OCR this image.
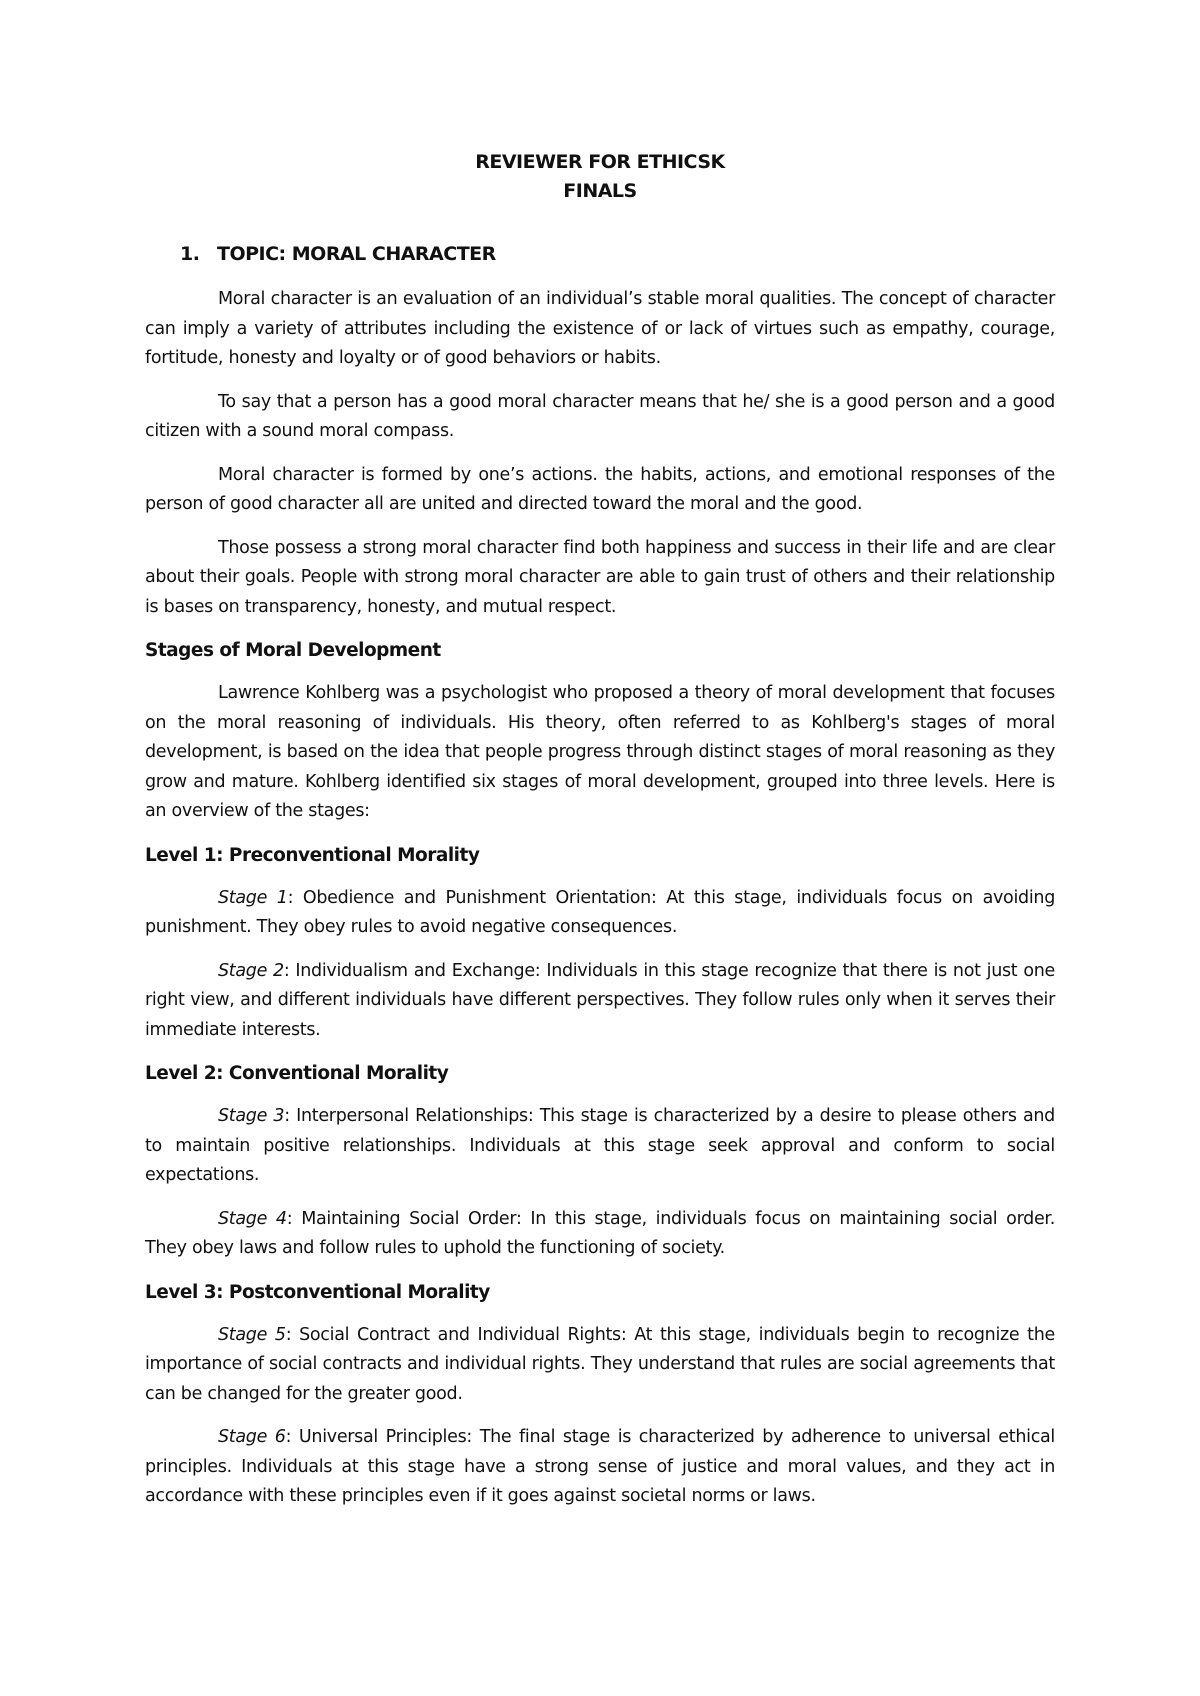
REVIEWER FOR ETHICSK
FINALS
1. TOPIC: MORAL CHARACTER

Moral character is an evaluation of an individual’s stable moral qualities. The concept of character can imply a variety of attributes including the existence of or lack of virtues such as empathy, courage, fortitude, honesty and loyalty or of good behaviors or habits.

To say that a person has a good moral character means that he/ she is a good person and a good citizen with a sound moral compass.

Moral character is formed by one’s actions. the habits, actions, and emotional responses of the person of good character all are united and directed toward the moral and the good.

Those possess a strong moral character find both happiness and success in their life and are clear about their goals. People with strong moral character are able to gain trust of others and their relationship is bases on transparency, honesty, and mutual respect.

Stages of Moral Development

Lawrence Kohlberg was a psychologist who proposed a theory of moral development that focuses on the moral reasoning of individuals. His theory, often referred to as Kohlberg's stages of moral development, is based on the idea that people progress through distinct stages of moral reasoning as they grow and mature. Kohlberg identified six stages of moral development, grouped into three levels. Here is an overview of the stages:

Level 1: Preconventional Morality

Stage 1: Obedience and Punishment Orientation: At this stage, individuals focus on avoiding punishment. They obey rules to avoid negative consequences.

Stage 2: Individualism and Exchange: Individuals in this stage recognize that there is not just one right view, and different individuals have different perspectives. They follow rules only when it serves their immediate interests.

Level 2: Conventional Morality

Stage 3: Interpersonal Relationships: This stage is characterized by a desire to please others and to maintain positive relationships. Individuals at this stage seek approval and conform to social expectations.

Stage 4: Maintaining Social Order: In this stage, individuals focus on maintaining social order. They obey laws and follow rules to uphold the functioning of society.

Level 3: Postconventional Morality

Stage 5: Social Contract and Individual Rights: At this stage, individuals begin to recognize the importance of social contracts and individual rights. They understand that rules are social agreements that can be changed for the greater good.

Stage 6: Universal Principles: The final stage is characterized by adherence to universal ethical principles. Individuals at this stage have a strong sense of justice and moral values, and they act in accordance with these principles even if it goes against societal norms or laws.
